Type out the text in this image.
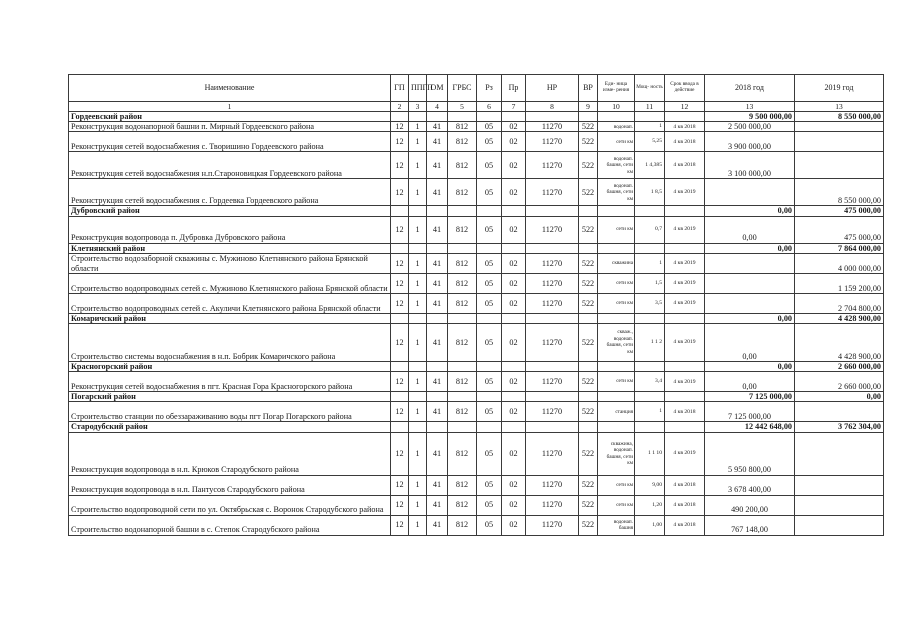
Наименование	ГП	ППГП	ОМ	ГРБС	Рз	Пр	НР	ВР	Еди- ница изме- рения	Мощ- ность	Срок ввода в действие	2018 год	2019 год
1	2	3	4	5	6	7	8	9	10	11	12	13	13
Гордеевский район												9 500 000,00	8 550 000,00
Реконструкция водонапорной башни п. Мирный Гордеевского района	12	1	41	812	05	02	11270	522	водонап.	1	4 кв 2018	2 500 000,00	
Реконструкция сетей водоснабжения с. Творишино Гордеевского района	12	1	41	812	05	02	11270	522	сети км	5,25	4 кв 2018	3 900 000,00	
Реконструкция сетей водоснабжения н.п.Староновицкая Гордеевского района	12	1	41	812	05	02	11270	522	водонап. башня, сети км	1 4,385	4 кв 2018	3 100 000,00	
Реконструкция сетей водоснабжения с. Гордеевка Гордеевского района	12	1	41	812	05	02	11270	522	водонап. башня, сети км	1 8,5	4 кв 2019		8 550 000,00
Дубровский район												0,00	475 000,00
Реконструкция водопровода п. Дубровка Дубровского района	12	1	41	812	05	02	11270	522	сети км	0,7	4 кв 2019	0,00	475 000,00
Клетнянский район												0,00	7 864 000,00
Строительство водозаборной скважины с. Мужиново Клетнянского района Брянской области	12	1	41	812	05	02	11270	522	скважина	1	4 кв 2019		4 000 000,00
Строительство водопроводных сетей с. Мужиново Клетнянского района Брянской области	12	1	41	812	05	02	11270	522	сети км	1,5	4 кв 2019		1 159 200,00
Строительство водопроводных сетей с. Акуличи Клетнянского района Брянской области	12	1	41	812	05	02	11270	522	сети км	3,5	4 кв 2019		2 704 800,00
Комаричский район												0,00	4 428 900,00
Строительство системы водоснабжения в н.п. Бобрик Комаричского района	12	1	41	812	05	02	11270	522	скваж., водонап. башня, сети км	1 1 2	4 кв 2019	0,00	4 428 900,00
Красногорский район												0,00	2 660 000,00
Реконструкция сетей водоснабжения в пгт. Красная Гора Красногорского района	12	1	41	812	05	02	11270	522	сети км	3,4	4 кв 2019	0,00	2 660 000,00
Погарский район												7 125 000,00	0,00
Строительство станции по обеззараживанию воды пгт Погар Погарского района	12	1	41	812	05	02	11270	522	станция	1	4 кв 2018	7 125 000,00	
Стародубский район												12 442 648,00	3 762 304,00
Реконструкция водопровода в н.п. Крюков Стародубского района	12	1	41	812	05	02	11270	522	скважина, водонап. башня, сети км	1 1 10	4 кв 2019	5 950 800,00	
Реконструкция водопровода в н.п. Пантусов Стародубского района	12	1	41	812	05	02	11270	522	сети км	9,00	4 кв 2018	3 678 400,00	
Строительство водопроводной сети по ул. Октябрьская с. Воронок Стародубского района	12	1	41	812	05	02	11270	522	сети км	1,20	4 кв 2018	490 200,00	
Строительство водонапорной башни в с. Степок Стародубского района	12	1	41	812	05	02	11270	522	водонап. башня	1,00	4 кв 2018	767 148,00	
